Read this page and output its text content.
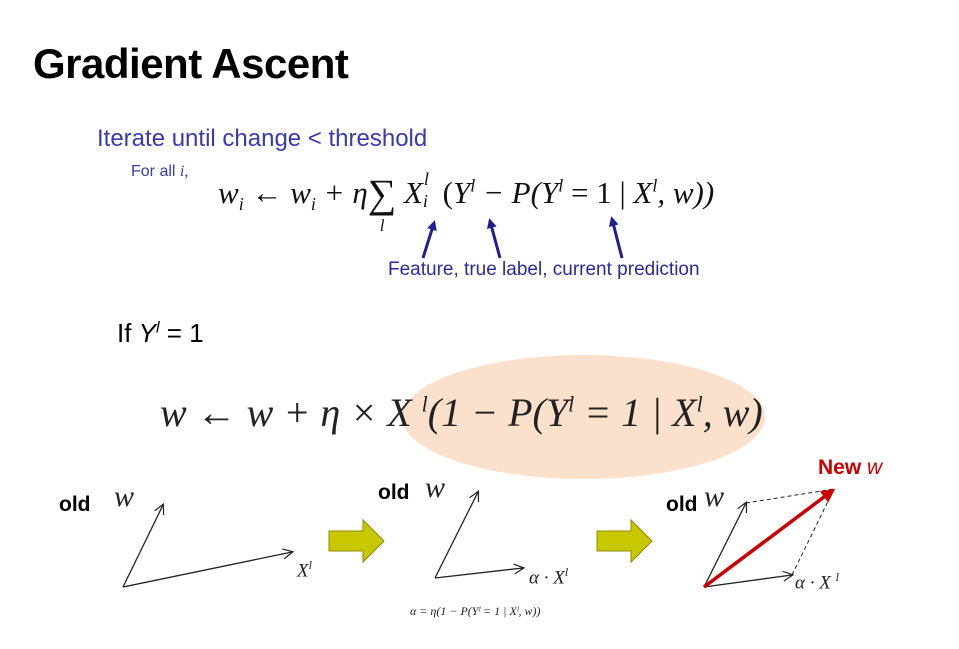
Gradient Ascent
Iterate until change < threshold
For all i,
$w_i$ ← $w_i + \eta\sum$
l
X l
i ($Y^l - P(Y^l = 1$ | $X^l$, w))
Feature, true label, current prediction
If $Y^l = 1$
w ← w + η × X $^l(1 - P(Y^l = 1$ | $X^l$, w)
old w	old w
old w
New w
$X^l$
$\alpha \cdot X^l$
α · X $^l$
α = η(1 − P(Yˡ = 1 | Xˡ, w))
